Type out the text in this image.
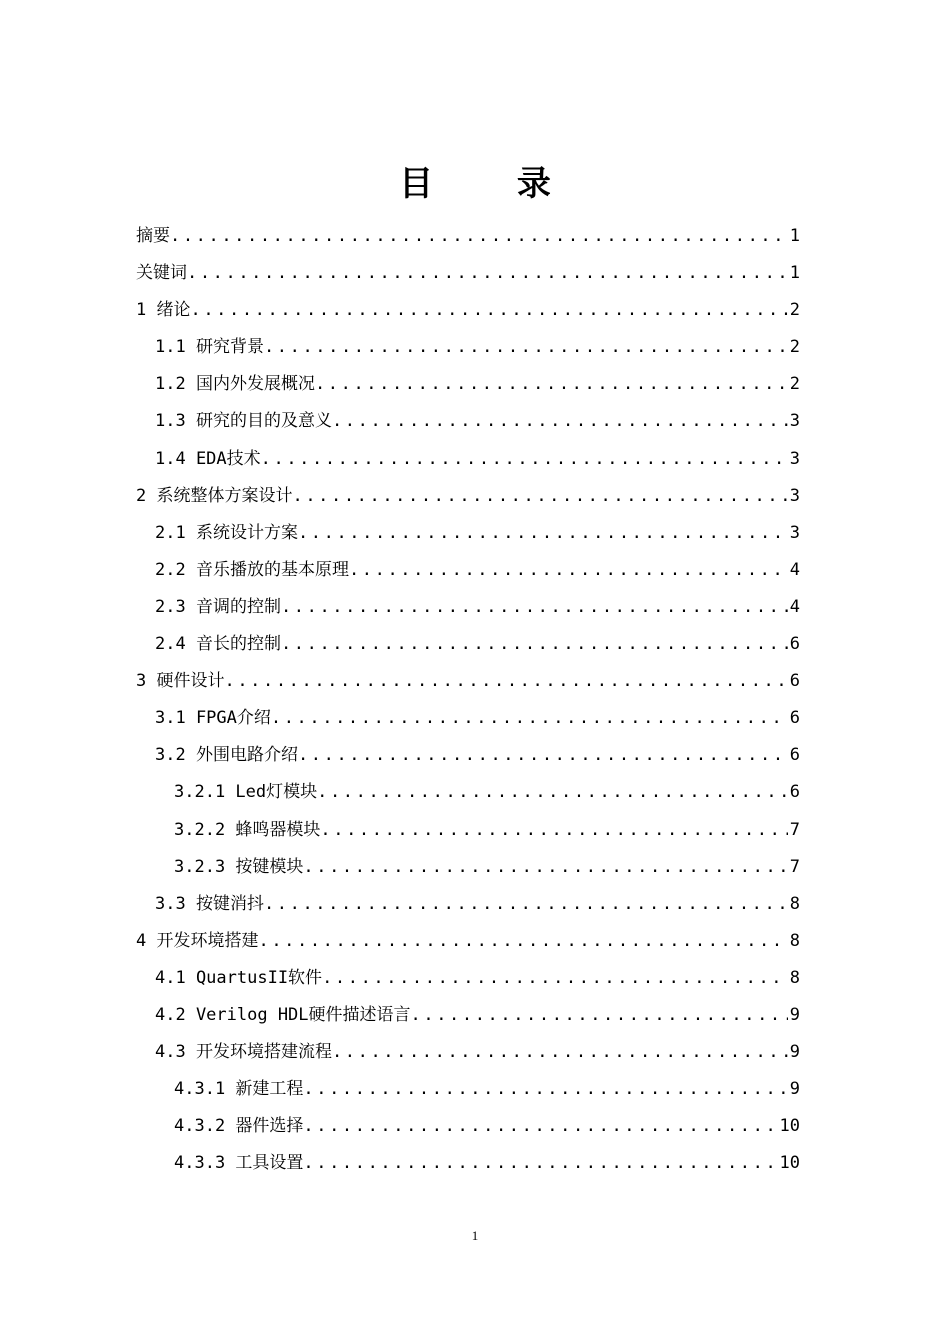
目 录
摘要 .....	1
关键词 .....	1
1 绪论 .....	2
1.1 研究背景 .....	2
1.2 国内外发展概况 .....	2
1.3 研究的目的及意义 .....	3
1.4 EDA技术 .....	3
2 系统整体方案设计 .....	3
2.1 系统设计方案 .....	3
2.2 音乐播放的基本原理 .....	4
2.3 音调的控制 .....	4
2.4 音长的控制 .....	6
3 硬件设计 .....	6
3.1 FPGA介绍 .....	6
3.2 外围电路介绍 .....	6
3.2.1 Led灯模块 .....	6
3.2.2 蜂鸣器模块 .....	7
3.2.3 按键模块 .....	7
3.3 按键消抖 .....	8
4 开发环境搭建 .....	8
4.1 QuartusII软件 .....	8
4.2 Verilog HDL硬件描述语言 .....	9
4.3 开发环境搭建流程 .....	9
4.3.1 新建工程 .....	9
4.3.2 器件选择 .....	10
4.3.3 工具设置 .....	10
1
